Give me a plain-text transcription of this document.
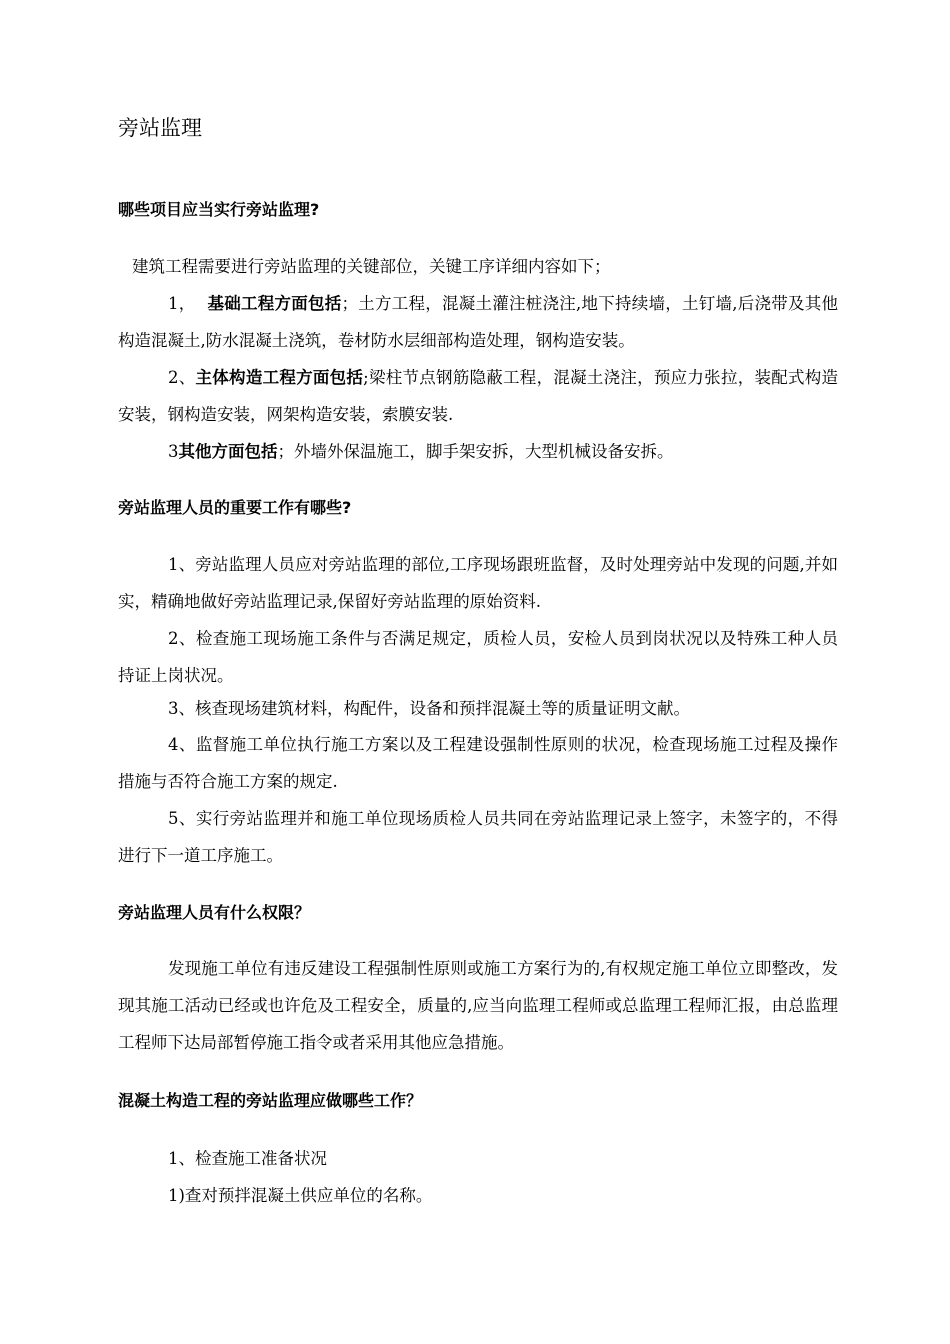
旁站监理
哪些项目应当实行旁站监理?

建筑工程需要进行旁站监理的关键部位，关键工序详细内容如下；

1， 基础工程方面包括；土方工程，混凝土灌注桩浇注,地下持续墙，土钉墙,后浇带及其他构造混凝土,防水混凝土浇筑，卷材防水层细部构造处理，钢构造安装。

2、主体构造工程方面包括;梁柱节点钢筋隐蔽工程，混凝土浇注，预应力张拉，装配式构造安装，钢构造安装，网架构造安装，索膜安装.

3其他方面包括；外墙外保温施工，脚手架安拆，大型机械设备安拆。

旁站监理人员的重要工作有哪些?

1、旁站监理人员应对旁站监理的部位,工序现场跟班监督，及时处理旁站中发现的问题,并如实，精确地做好旁站监理记录,保留好旁站监理的原始资料.

2、检查施工现场施工条件与否满足规定，质检人员，安检人员到岗状况以及特殊工种人员持证上岗状况。

3、核查现场建筑材料，构配件，设备和预拌混凝土等的质量证明文献。

4、监督施工单位执行施工方案以及工程建设强制性原则的状况，检查现场施工过程及操作措施与否符合施工方案的规定.

5、实行旁站监理并和施工单位现场质检人员共同在旁站监理记录上签字，未签字的，不得进行下一道工序施工。

旁站监理人员有什么权限？

发现施工单位有违反建设工程强制性原则或施工方案行为的,有权规定施工单位立即整改，发现其施工活动已经或也许危及工程安全，质量的,应当向监理工程师或总监理工程师汇报，由总监理工程师下达局部暂停施工指令或者采用其他应急措施。

混凝土构造工程的旁站监理应做哪些工作？

1、检查施工准备状况

1)查对预拌混凝土供应单位的名称。
